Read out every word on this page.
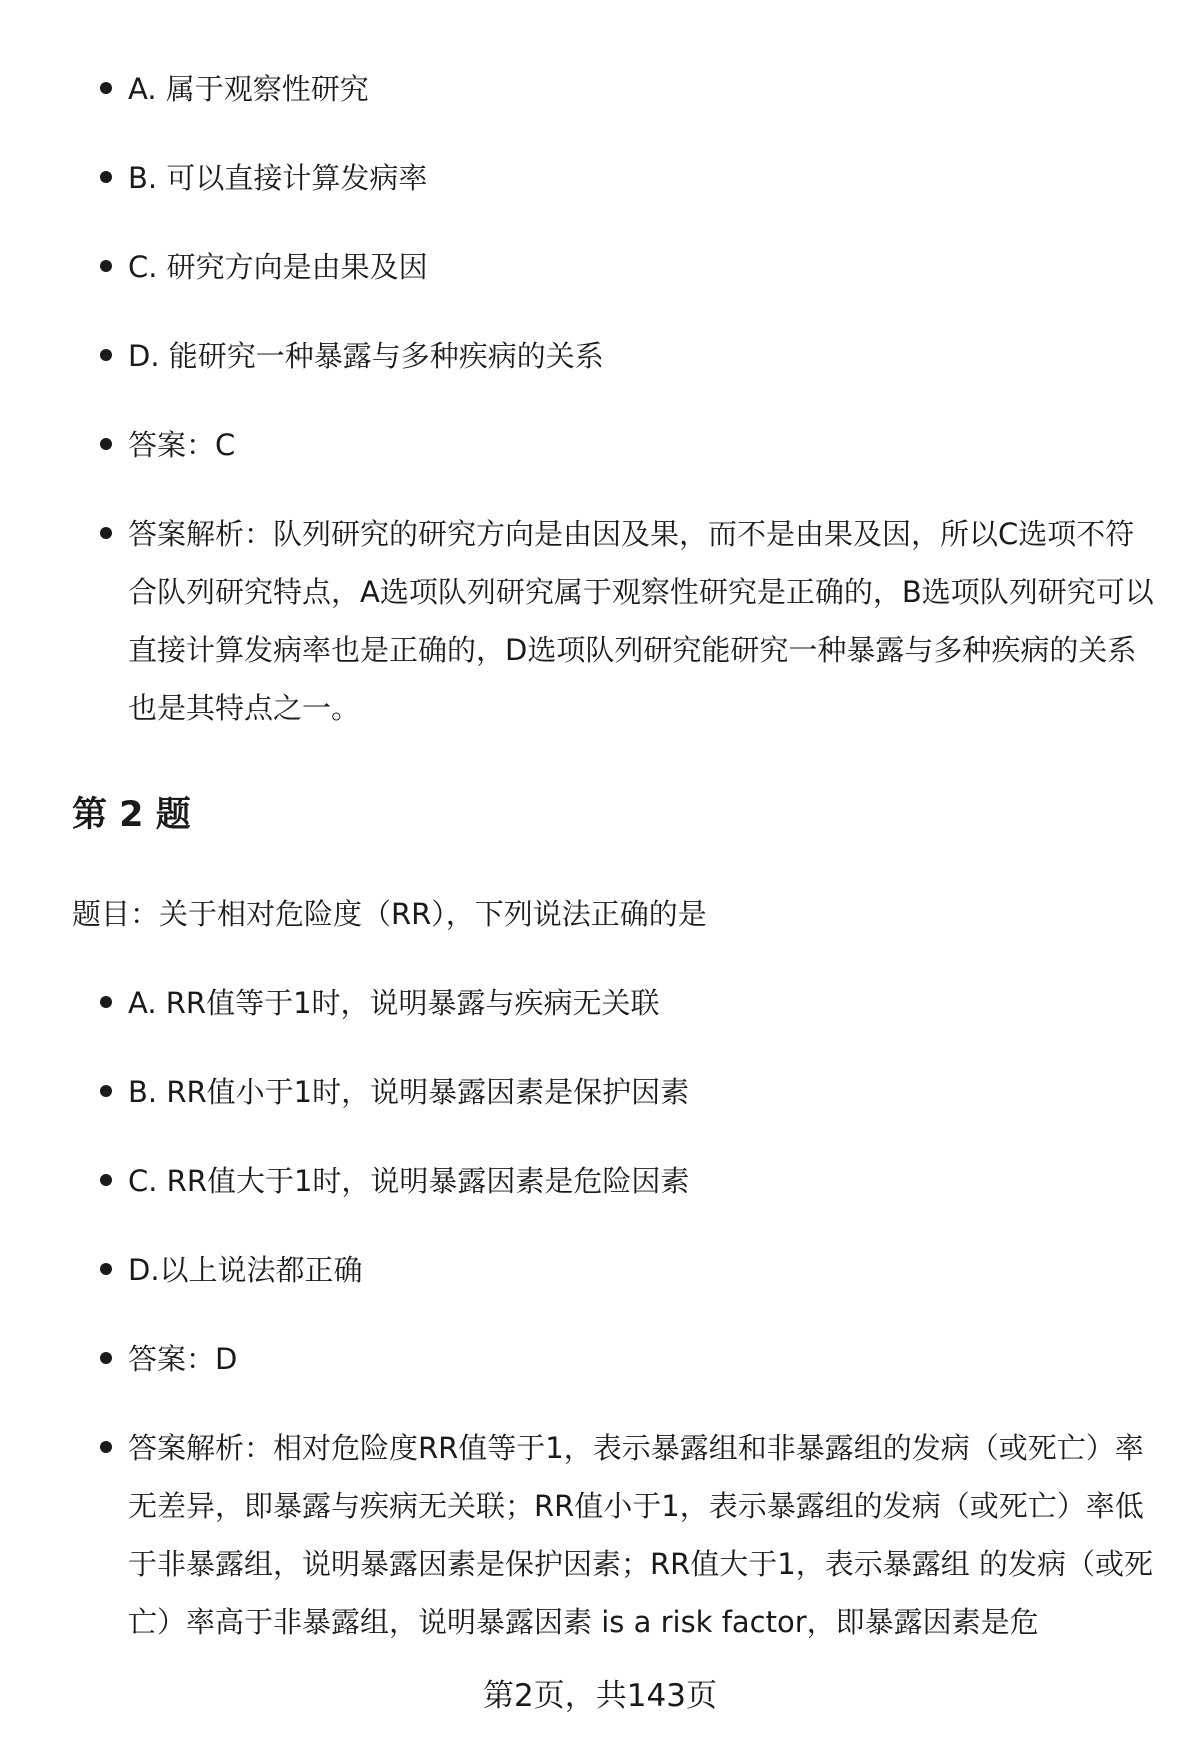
A. 属于观察性研究
B. 可以直接计算发病率
C. 研究方向是由果及因
D. 能研究一种暴露与多种疾病的关系
答案：C
答案解析：队列研究的研究方向是由因及果，而不是由果及因，所以C选项不符合队列研究特点，A选项队列研究属于观察性研究是正确的，B选项队列研究可以直接计算发病率也是正确的，D选项队列研究能研究一种暴露与多种疾病的关系也是其特点之一。
第 2 题
题目：关于相对危险度（RR），下列说法正确的是
A. RR值等于1时，说明暴露与疾病无关联
B. RR值小于1时，说明暴露因素是保护因素
C. RR值大于1时，说明暴露因素是危险因素
D.以上说法都正确
答案：D
答案解析：相对危险度RR值等于1，表示暴露组和非暴露组的发病（或死亡）率无差异，即暴露与疾病无关联；RR值小于1，表示暴露组的发病（或死亡）率低于非暴露组，说明暴露因素是保护因素；RR值大于1，表示暴露组 的发病（或死亡）率高于非暴露组，说明暴露因素 is a risk factor，即暴露因素是危
第2页，共143页
